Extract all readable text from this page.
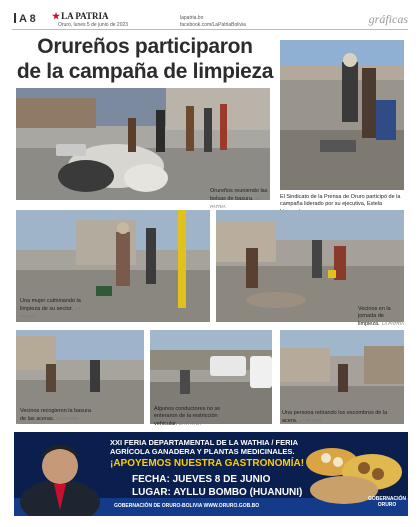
A 8 ★LA PATRIA
Oruro, lunes 5 de junio de 2023
lapatria.bo
facebook.com/LaPatriaBolivia	gráficas
Orureños participaron
de la campaña de limpieza
Orureños reuniendo las bolsas de basura. LA PATRIA
El Sindicato de la Prensa de Oruro participó de la campaña liderado por su ejecutiva, Estela
Una mujer culminando la limpieza de su sector. LA PATRIA
Vecinos en la jornada de limpieza. LA PATRIA
Vecinos recogieron la basura de las aceras. LA PATRIA
Algunos conductores no se enteraron de la restricción vehicular. LA PATRIA
Una persona retirando los escombros de la acera. LA PATRIA
XXI FERIA DEPARTAMENTAL DE LA WATHIA / FERIA AGRÍCOLA GANADERA Y PLANTAS MEDICINALES.
¡APOYEMOS NUESTRA GASTRONOMÍA!
FECHA: JUEVES 8 DE JUNIO
LUGAR: AYLLU BOMBO (HUANUNI)
GOBERNACIÓN DE ORURO-BOLIVIA WWW.ORURO.GOB.BO
GOBERNACIÓN ORURO
